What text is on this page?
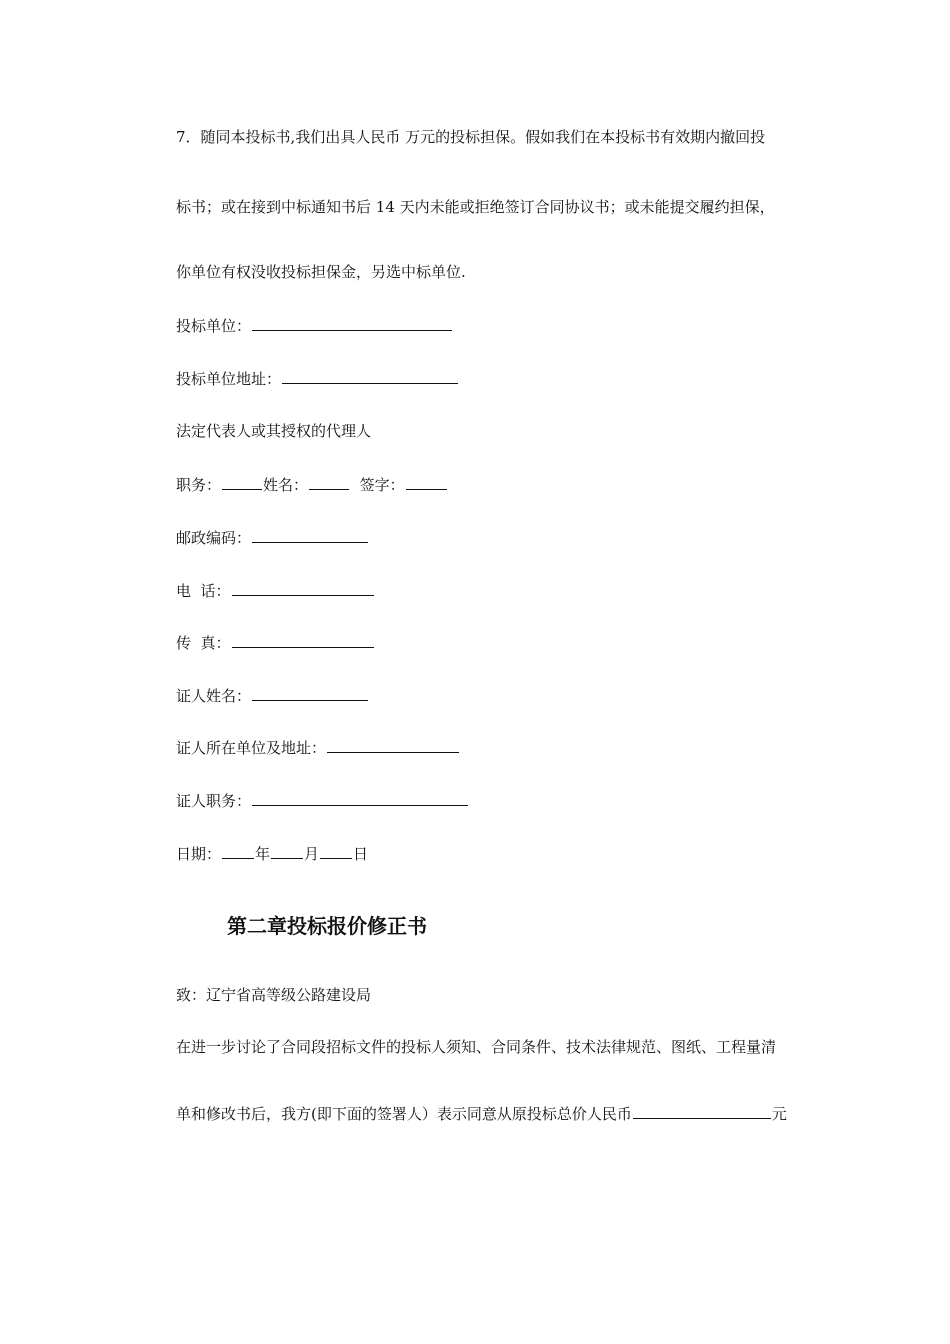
7．随同本投标书,我们出具人民币 万元的投标担保。假如我们在本投标书有效期内撤回投
标书；或在接到中标通知书后 14 天内未能或拒绝签订合同协议书；或未能提交履约担保，
你单位有权没收投标担保金，另选中标单位.
投标单位：
投标单位地址：
法定代表人或其授权的代理人
职务：	姓名：	签字：
邮政编码：
电  话：
传  真：
证人姓名：
证人所在单位及地址：
证人职务：
日期： 年 月 日
第二章投标报价修正书
致：辽宁省高等级公路建设局
在进一步讨论了合同段招标文件的投标人须知、合同条件、技术法律规范、图纸、工程量清
单和修改书后，我方(即下面的签署人）表示同意从原投标总价人民币	元
